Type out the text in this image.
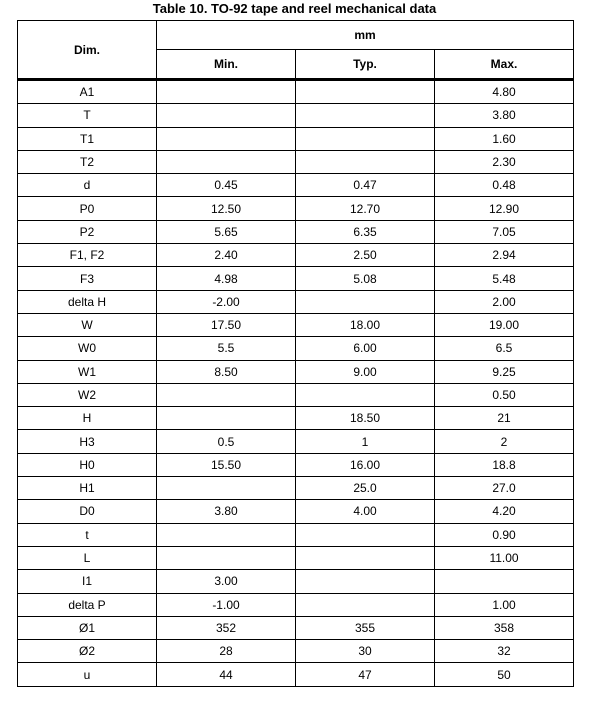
Table 10. TO-92 tape and reel mechanical data
Dim.	mm		
	Min.	Typ.	Max.
A1			4.80
T			3.80
T1			1.60
T2			2.30
d	0.45	0.47	0.48
P0	12.50	12.70	12.90
P2	5.65	6.35	7.05
F1, F2	2.40	2.50	2.94
F3	4.98	5.08	5.48
delta H	-2.00		2.00
W	17.50	18.00	19.00
W0	5.5	6.00	6.5
W1	8.50	9.00	9.25
W2			0.50
H		18.50	21
H3	0.5	1	2
H0	15.50	16.00	18.8
H1		25.0	27.0
D0	3.80	4.00	4.20
t			0.90
L			11.00
I1	3.00		
delta P	-1.00		1.00
Ø1	352	355	358
Ø2	28	30	32
u	44	47	50
